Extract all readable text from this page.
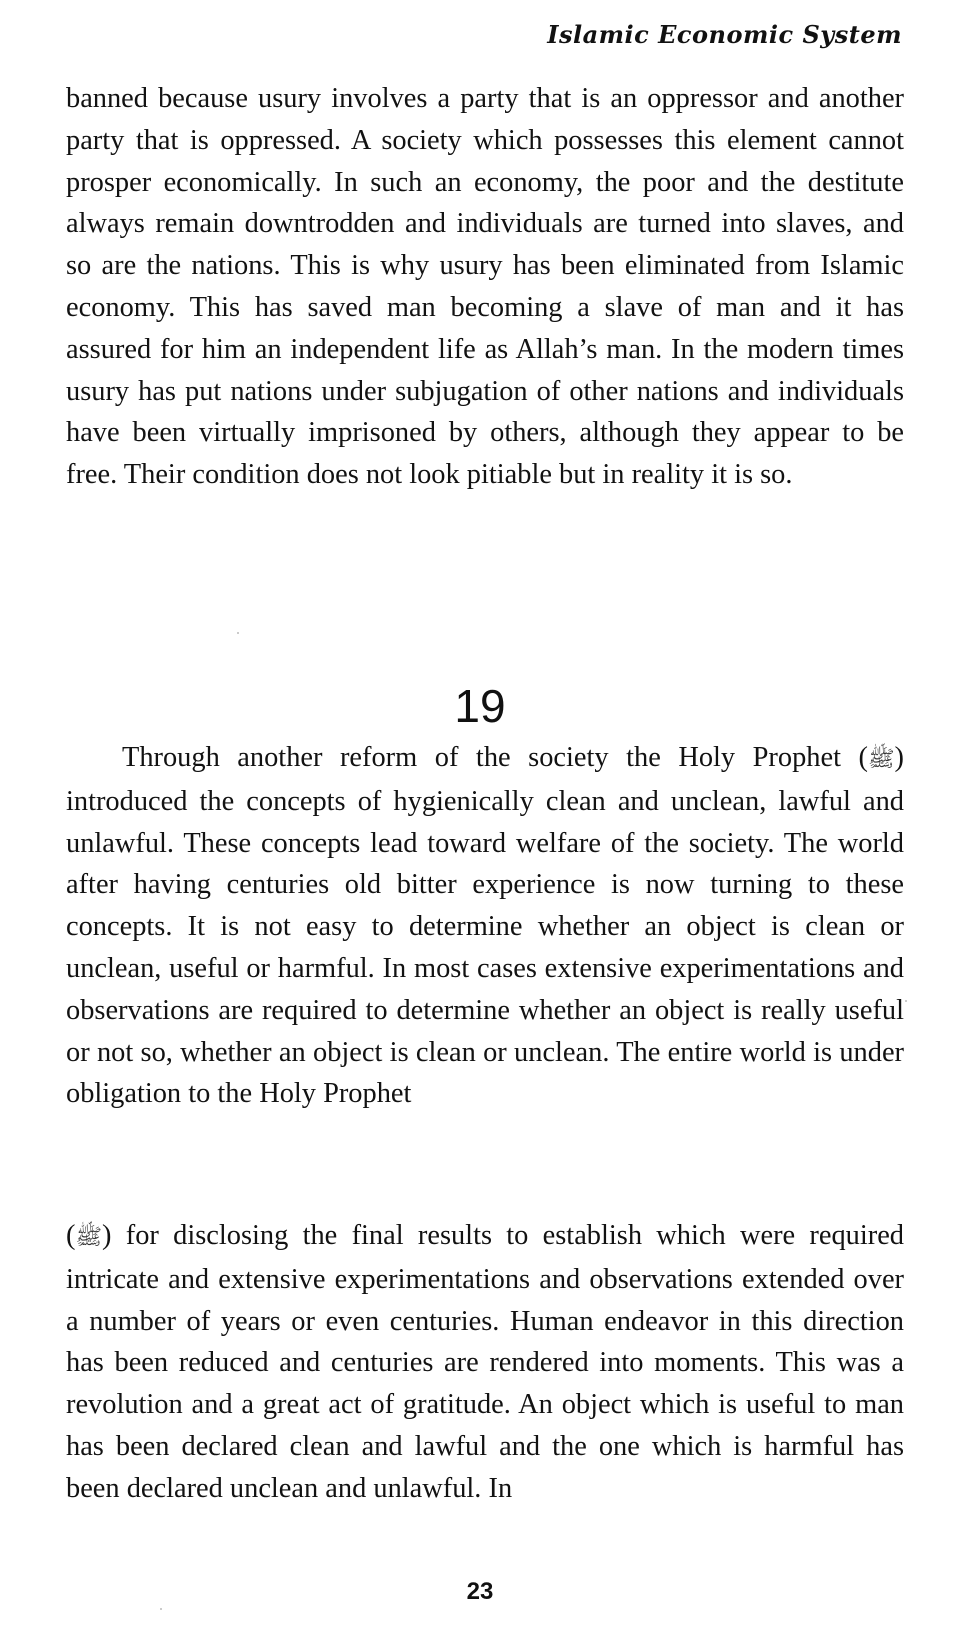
Islamic Economic System

banned because usury involves a party that is an oppressor and another party that is oppressed. A society which possesses this element cannot prosper economically. In such an economy, the poor and the destitute always remain downtrodden and individuals are turned into slaves, and so are the nations. This is why usury has been eliminated from Islamic economy. This has saved man becoming a slave of man and it has assured for him an independent life as Allah’s man. In the modern times usury has put nations under subjugation of other nations and individuals have been virtually imprisoned by others, although they appear to be free. Their condition does not look pitiable but in reality it is so.

19

Through another reform of the society the Holy Prophet (ﷺ) introduced the concepts of hygienically clean and unclean, lawful and unlawful. These concepts lead toward welfare of the society. The world after having centuries old bitter experience is now turning to these concepts. It is not easy to determine whether an object is clean or unclean, useful or harmful. In most cases extensive experimentations and observations are required to determine whether an object is really useful or not so, whether an object is clean or unclean. The entire world is under obligation to the Holy Prophet

(ﷺ) for disclosing the final results to establish which were required intricate and extensive experimentations and observations extended over a number of years or even centuries. Human endeavor in this direction has been reduced and centuries are rendered into moments. This was a revolution and a great act of gratitude. An object which is useful to man has been declared clean and lawful and the one which is harmful has been declared unclean and unlawful. In

23
